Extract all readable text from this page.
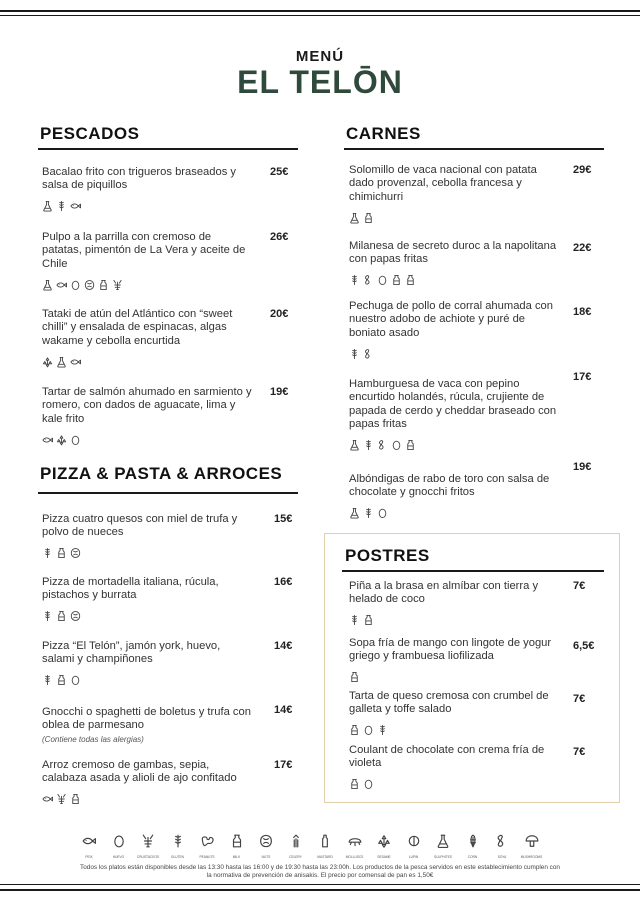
MENÚ
EL TELŌN
PESCADOS
PIZZA & PASTA & ARROCES
CARNES
POSTRES
Bacalao frito con trigueros braseados y salsa de piquillos
25€
Pulpo a la parrilla con cremoso de patatas, pimentón de La Vera y aceite de Chile
26€
Tataki de atún del Atlántico con “sweet chilli” y ensalada de espinacas, algas wakame y cebolla encurtida
20€
Tartar de salmón ahumado en sarmiento y romero, con dados de aguacate, lima y kale frito
19€
Pizza cuatro quesos con miel de trufa y polvo de nueces
15€
Pizza de mortadella italiana, rúcula, pistachos y burrata
16€
Pizza “El Telón”, jamón york, huevo, salami y champiñones
14€
Gnocchi o spaghetti de boletus y trufa con oblea de parmesano
(Contiene todas las alergias)
14€
Arroz cremoso de gambas, sepia, calabaza asada y alioli de ajo confitado
17€
Solomillo de vaca nacional con patata dado provenzal, cebolla francesa y chimichurri
29€
Milanesa de secreto duroc a la napolitana con papas fritas
22€
Pechuga de pollo de corral ahumada con nuestro adobo de achiote y puré de boniato asado
18€
Hamburguesa de vaca con pepino encurtido holandés, rúcula, crujiente de papada de cerdo y cheddar braseado con papas fritas
17€
Albóndigas de rabo de toro con salsa de chocolate y gnocchi fritos
19€
Piña a la brasa en almíbar con tierra y helado de coco
7€
Sopa fría de mango con lingote de yogur griego y frambuesa liofilizada
6,5€
Tarta de queso cremosa con crumbel de galleta y toffe salado
7€
Coulant de chocolate con crema fría de violeta
7€
PEIX	HUEVO	CRUSTÁCEOS	GLUTEN	PEANUTS	MILK	NUTS	CELERY	MUSTARD	MOLLUSCS	SESAME	LUPIN	SULPHITES	CORN	SOYA	MUSHROOMS
Todos los platos están disponibles desde las 13:30 hasta las 16:00 y de 19:30 hasta las 23:00h. Los productos de la pesca servidos en este establecimiento cumplen con
la normativa de prevención de anisakis. El precio por comensal de pan es 1,50€
